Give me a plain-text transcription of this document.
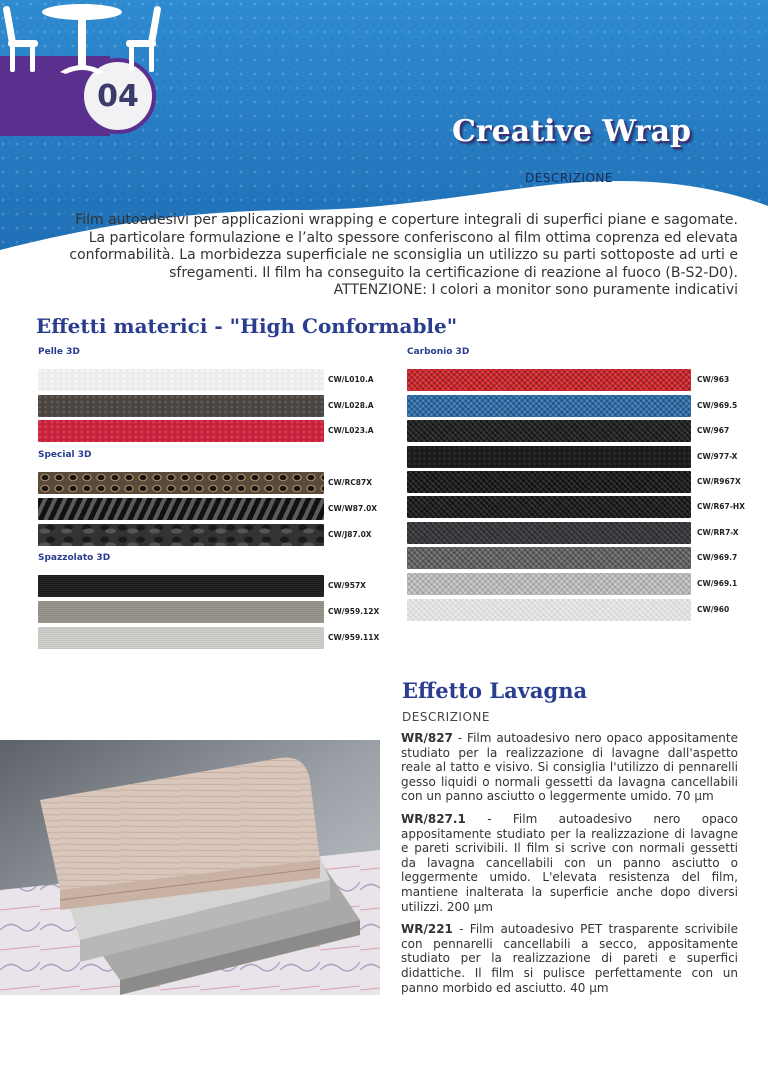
04
Creative Wrap
DESCRIZIONE

Film autoadesivi per applicazioni wrapping e coperture integrali di superfici piane e sagomate.

La particolare formulazione e l’alto spessore conferiscono al film ottima coprenza ed elevata

conformabilità. La morbidezza superficiale ne sconsiglia un utilizzo su parti sottoposte ad urti e

sfregamenti. Il film ha conseguito la certificazione di reazione al fuoco (B-S2-D0).

ATTENZIONE: I colori a monitor sono puramente indicativi

Effetti materici - "High Conformable"
Pelle 3D
Special 3D
Spazzolato 3D
Carbonio 3D
CW/L010.A
CW/L028.A
CW/L023.A
CW/RC87X
CW/W87.0X
CW/J87.0X
CW/957X
CW/959.12X
CW/959.11X
CW/963
CW/969.5
CW/967
CW/977-X
CW/R967X
CW/R67-HX
CW/RR7-X
CW/969.7
CW/969.1
CW/960
Effetto Lavagna
DESCRIZIONE

WR/827 - Film autoadesivo nero opaco appositamente studiato per la realizzazione di lavagne dall'aspetto reale al tatto e visivo. Si consiglia l'utilizzo di pennarelli gesso liquidi o normali gessetti da lavagna cancellabili con un panno asciutto o leggermente umido. 70 µm

WR/827.1 - Film autoadesivo nero opaco appositamente studiato per la realizzazione di lavagne e pareti scrivibili. Il film si scrive con normali gessetti da lavagna cancellabili con un panno asciutto o leggermente umido. L'elevata resistenza del film, mantiene inalterata la superficie anche dopo diversi utilizzi. 200 µm

WR/221 - Film autoadesivo PET trasparente scrivibile con pennarelli cancellabili a secco, appositamente studiato per la realizzazione di pareti e superfici didattiche. Il film si pulisce perfettamente con un panno morbido ed asciutto. 40 µm
